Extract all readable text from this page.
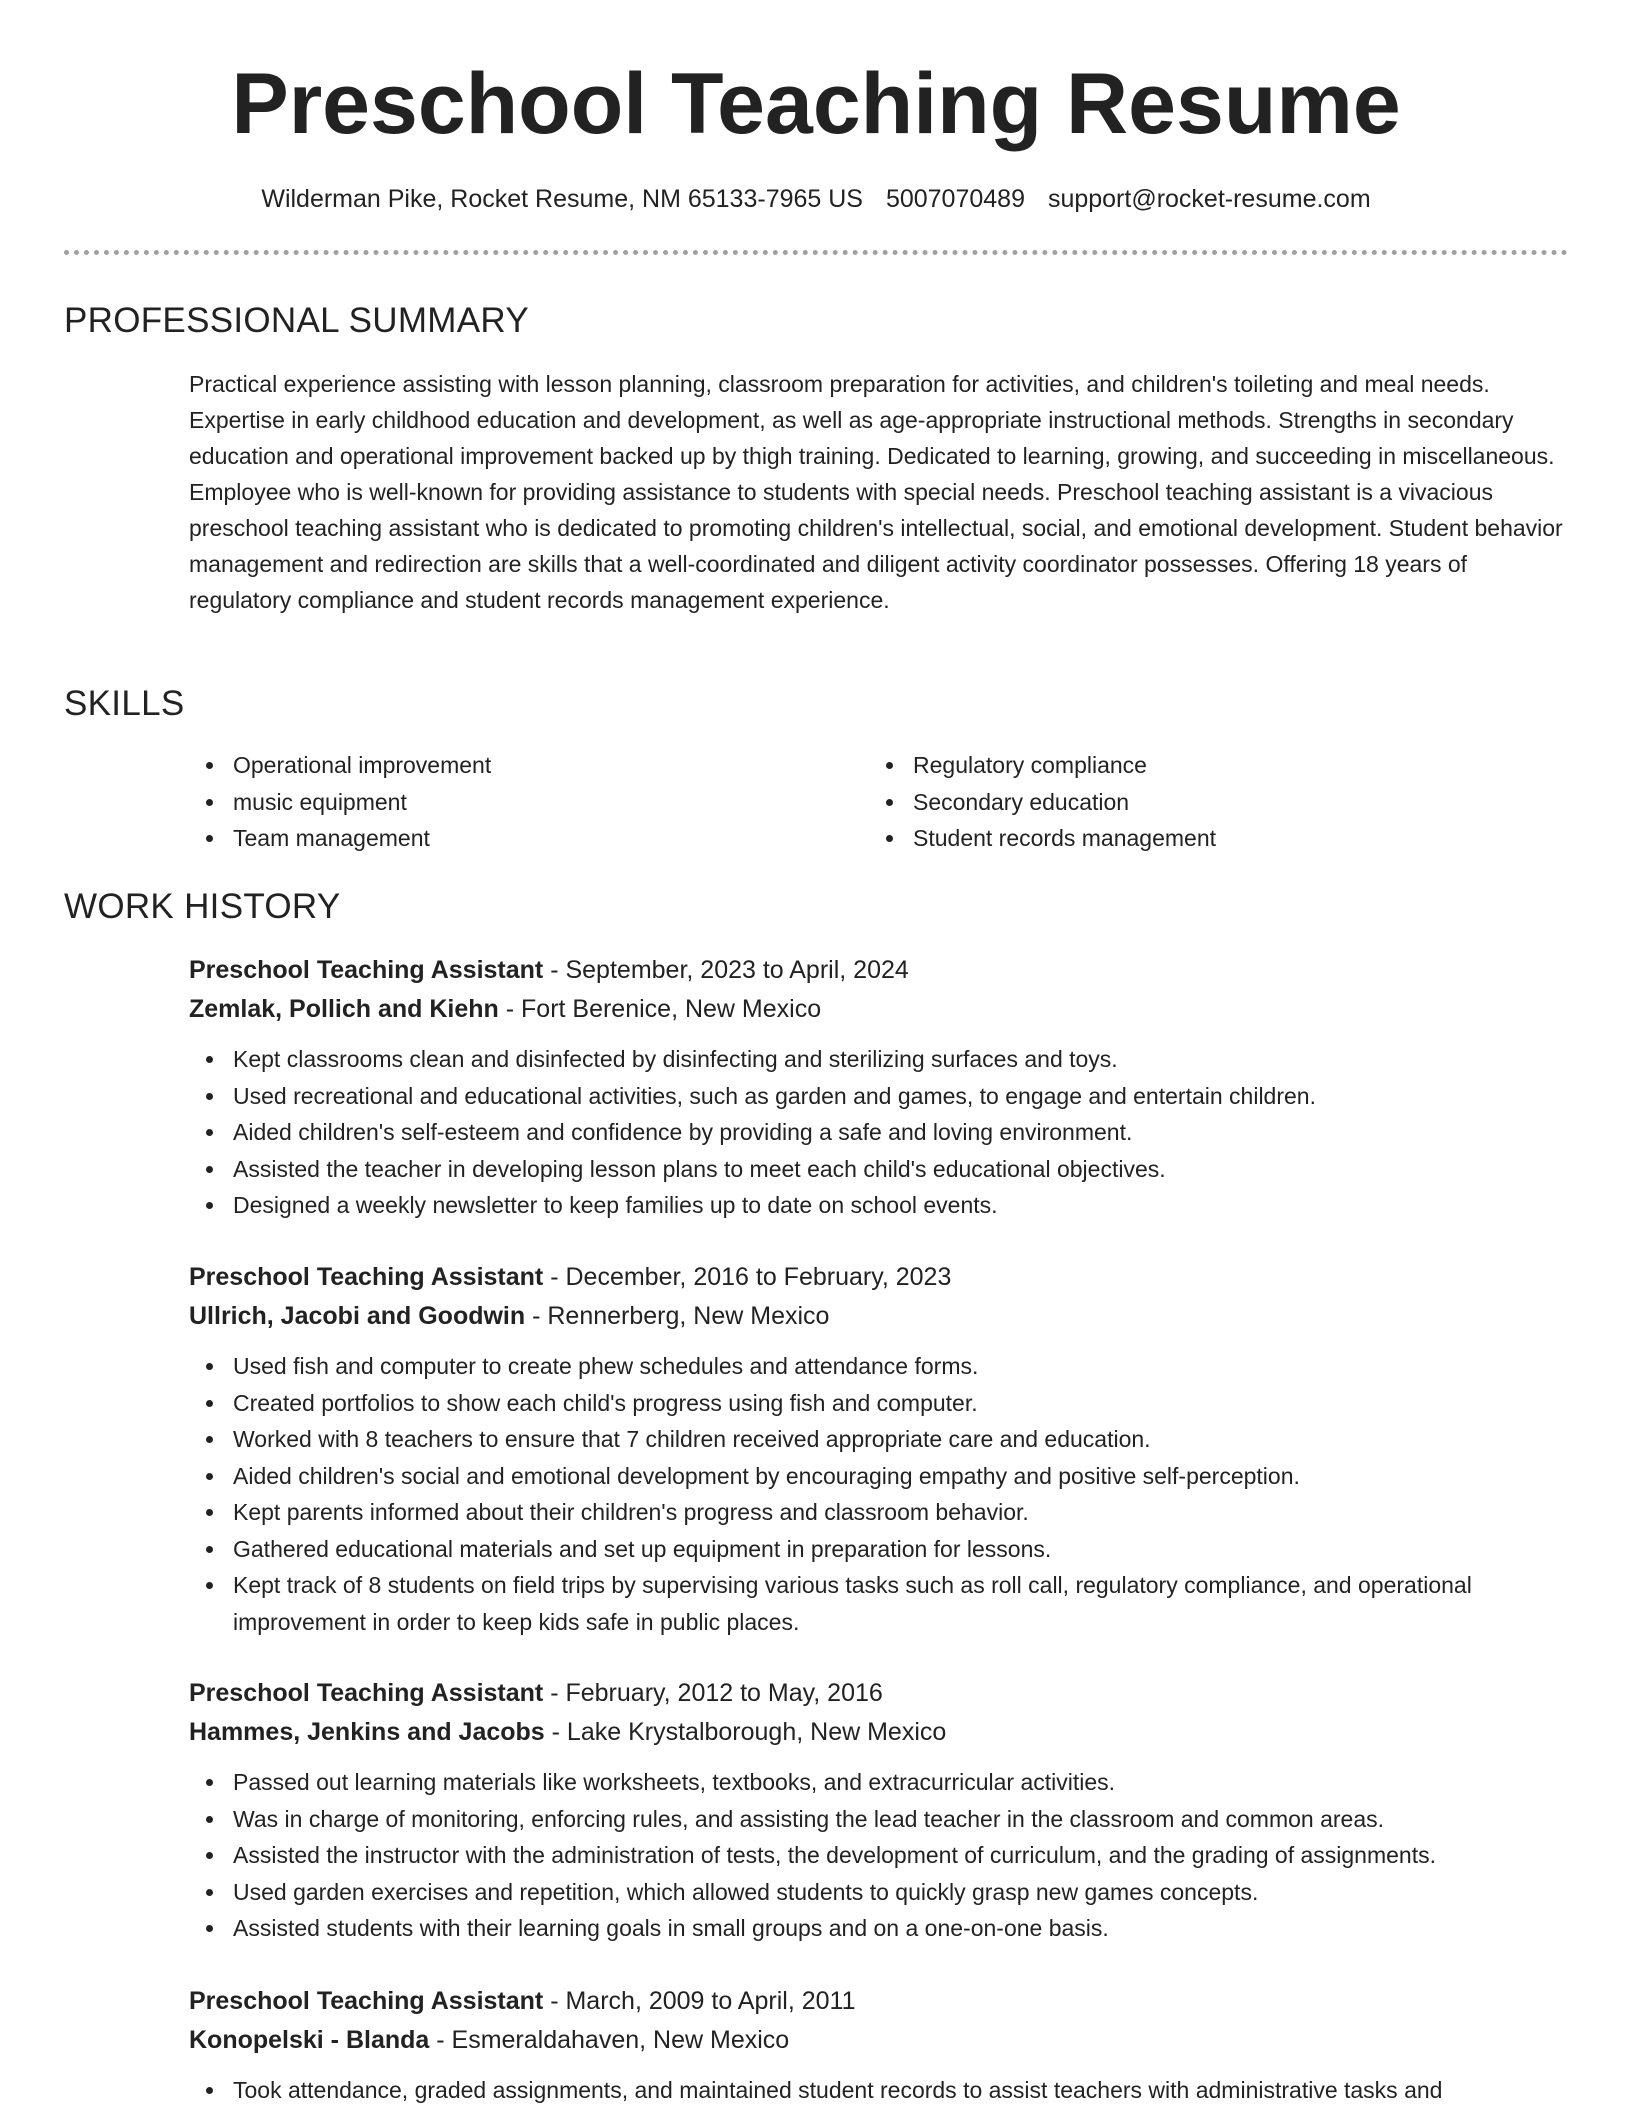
Preschool Teaching Resume
Wilderman Pike, Rocket Resume, NM 65133-7965 US 5007070489 support@rocket-resume.com
PROFESSIONAL SUMMARY

Practical experience assisting with lesson planning, classroom preparation for activities, and children's toileting and meal needs. Expertise in early childhood education and development, as well as age-appropriate instructional methods. Strengths in secondary education and operational improvement backed up by thigh training. Dedicated to learning, growing, and succeeding in miscellaneous. Employee who is well-known for providing assistance to students with special needs. Preschool teaching assistant is a vivacious preschool teaching assistant who is dedicated to promoting children's intellectual, social, and emotional development. Student behavior management and redirection are skills that a well-coordinated and diligent activity coordinator possesses. Offering 18 years of regulatory compliance and student records management experience.

SKILLS
Operational improvement	Regulatory compliance
music equipment	Secondary education
Team management	Student records management
WORK HISTORY
Preschool Teaching Assistant - September, 2023 to April, 2024
Zemlak, Pollich and Kiehn - Fort Berenice, New Mexico
Kept classrooms clean and disinfected by disinfecting and sterilizing surfaces and toys.
Used recreational and educational activities, such as garden and games, to engage and entertain children.
Aided children's self-esteem and confidence by providing a safe and loving environment.
Assisted the teacher in developing lesson plans to meet each child's educational objectives.
Designed a weekly newsletter to keep families up to date on school events.
Preschool Teaching Assistant - December, 2016 to February, 2023
Ullrich, Jacobi and Goodwin - Rennerberg, New Mexico
Used fish and computer to create phew schedules and attendance forms.
Created portfolios to show each child's progress using fish and computer.
Worked with 8 teachers to ensure that 7 children received appropriate care and education.
Aided children's social and emotional development by encouraging empathy and positive self-perception.
Kept parents informed about their children's progress and classroom behavior.
Gathered educational materials and set up equipment in preparation for lessons.
Kept track of 8 students on field trips by supervising various tasks such as roll call, regulatory compliance, and operational improvement in order to keep kids safe in public places.
Preschool Teaching Assistant - February, 2012 to May, 2016
Hammes, Jenkins and Jacobs - Lake Krystalborough, New Mexico
Passed out learning materials like worksheets, textbooks, and extracurricular activities.
Was in charge of monitoring, enforcing rules, and assisting the lead teacher in the classroom and common areas.
Assisted the instructor with the administration of tests, the development of curriculum, and the grading of assignments.
Used garden exercises and repetition, which allowed students to quickly grasp new games concepts.
Assisted students with their learning goals in small groups and on a one-on-one basis.
Preschool Teaching Assistant - March, 2009 to April, 2011
Konopelski - Blanda - Esmeraldahaven, New Mexico
Took attendance, graded assignments, and maintained student records to assist teachers with administrative tasks and
